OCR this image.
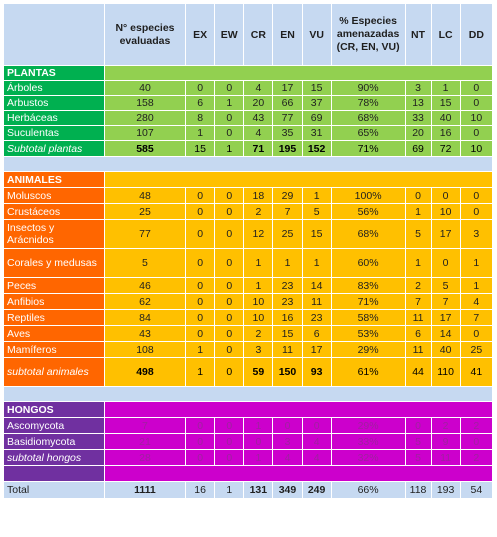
	N° especies evaluadas	EX	EW	CR	EN	VU	% Especies amenazadas (CR, EN, VU)	NT	LC	DD
PLANTAS										
Árboles	40	0	0	4	17	15	90%	3	1	0
Arbustos	158	6	1	20	66	37	78%	13	15	0
Herbáceas	280	8	0	43	77	69	68%	33	40	10
Suculentas	107	1	0	4	35	31	65%	20	16	0
Subtotal plantas	585	15	1	71	195	152	71%	69	72	10

ANIMALES										
Moluscos	48	0	0	18	29	1	100%	0	0	0
Crustáceos	25	0	0	2	7	5	56%	1	10	0
Insectos y Arácnidos	77	0	0	12	25	15	68%	5	17	3
Corales y medusas	5	0	0	1	1	1	60%	1	0	1
Peces	46	0	0	1	23	14	83%	2	5	1
Anfibios	62	0	0	10	23	11	71%	7	7	4
Reptiles	84	0	0	10	16	23	58%	11	17	7
Aves	43	0	0	2	15	6	53%	6	14	0
Mamíferos	108	1	0	3	11	17	29%	11	40	25
subtotal animales	498	1	0	59	150	93	61%	44	110	41

HONGOS										
Ascomycota	7	0	0	1	0	0	29%	0	2	2
Basidiomycota	21	0	0	0	3	4	33%	5	9	0
subtotal hongos	28	0	0	1	4	4	32%	5	11	2

Total	1111	16	1	131	349	249	66%	118	193	54
